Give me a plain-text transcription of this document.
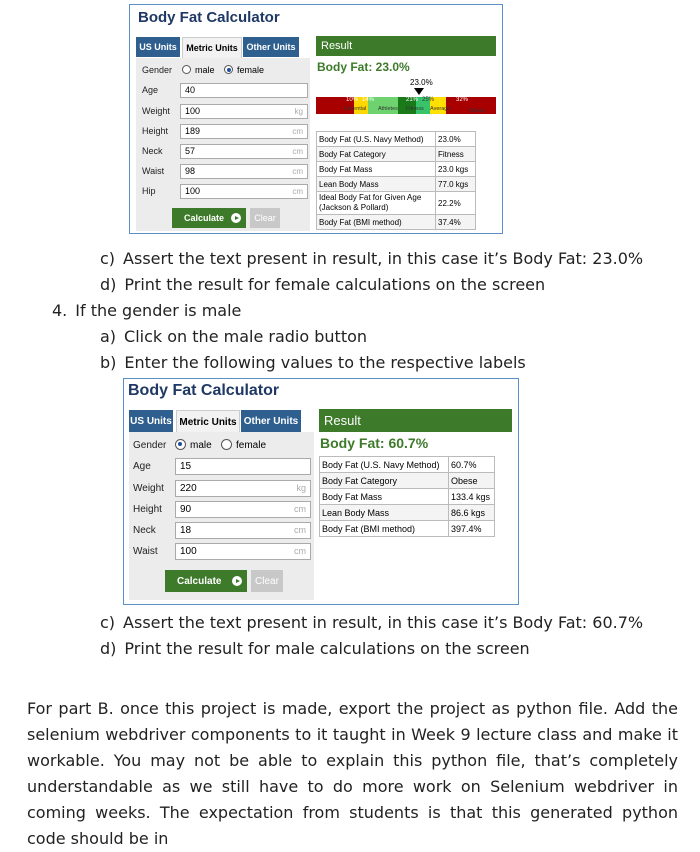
Body Fat Calculator
US Units	Metric Units Other Units
Gender	male female
Age	40
Weight	100	kg
Height	189	cm
Neck	57	cm
Waist	98	cm
Hip	100	cm
Calculate	Clear
Result
Body Fat: 23.0%
23.0%
10% 14%	21% 25%	32%
Essential Athletes Fitness Average	Obese
Body Fat (U.S. Navy Method)	23.0%
Body Fat Category	Fitness
Body Fat Mass	23.0 kgs
Lean Body Mass	77.0 kgs
Ideal Body Fat for Given Age (Jackson & Pollard)	22.2%
Body Fat (BMI method)	37.4%
c) Assert the text present in result, in this case it’s Body Fat: 23.0%
d) Print the result for female calculations on the screen
4. If the gender is male
a) Click on the male radio button
b) Enter the following values to the respective labels
Body Fat Calculator
US Units Metric Units Other Units
Gender male female
Age	15
Weight	220	kg
Height	90	cm
Neck	18	cm
Waist	100	cm
Calculate	Clear
Result
Body Fat: 60.7%
Body Fat (U.S. Navy Method)	60.7%
Body Fat Category	Obese
Body Fat Mass	133.4 kgs
Lean Body Mass	86.6 kgs
Body Fat (BMI method)	397.4%
c) Assert the text present in result, in this case it’s Body Fat: 60.7%
d) Print the result for male calculations on the screen
For part B. once this project is made, export the project as python file. Add the selenium webdriver components to it taught in Week 9 lecture class and make it workable. You may not be able to explain this python file, that’s completely understandable as we still have to do more work on Selenium webdriver in coming weeks. The expectation from students is that this generated python code should be in
